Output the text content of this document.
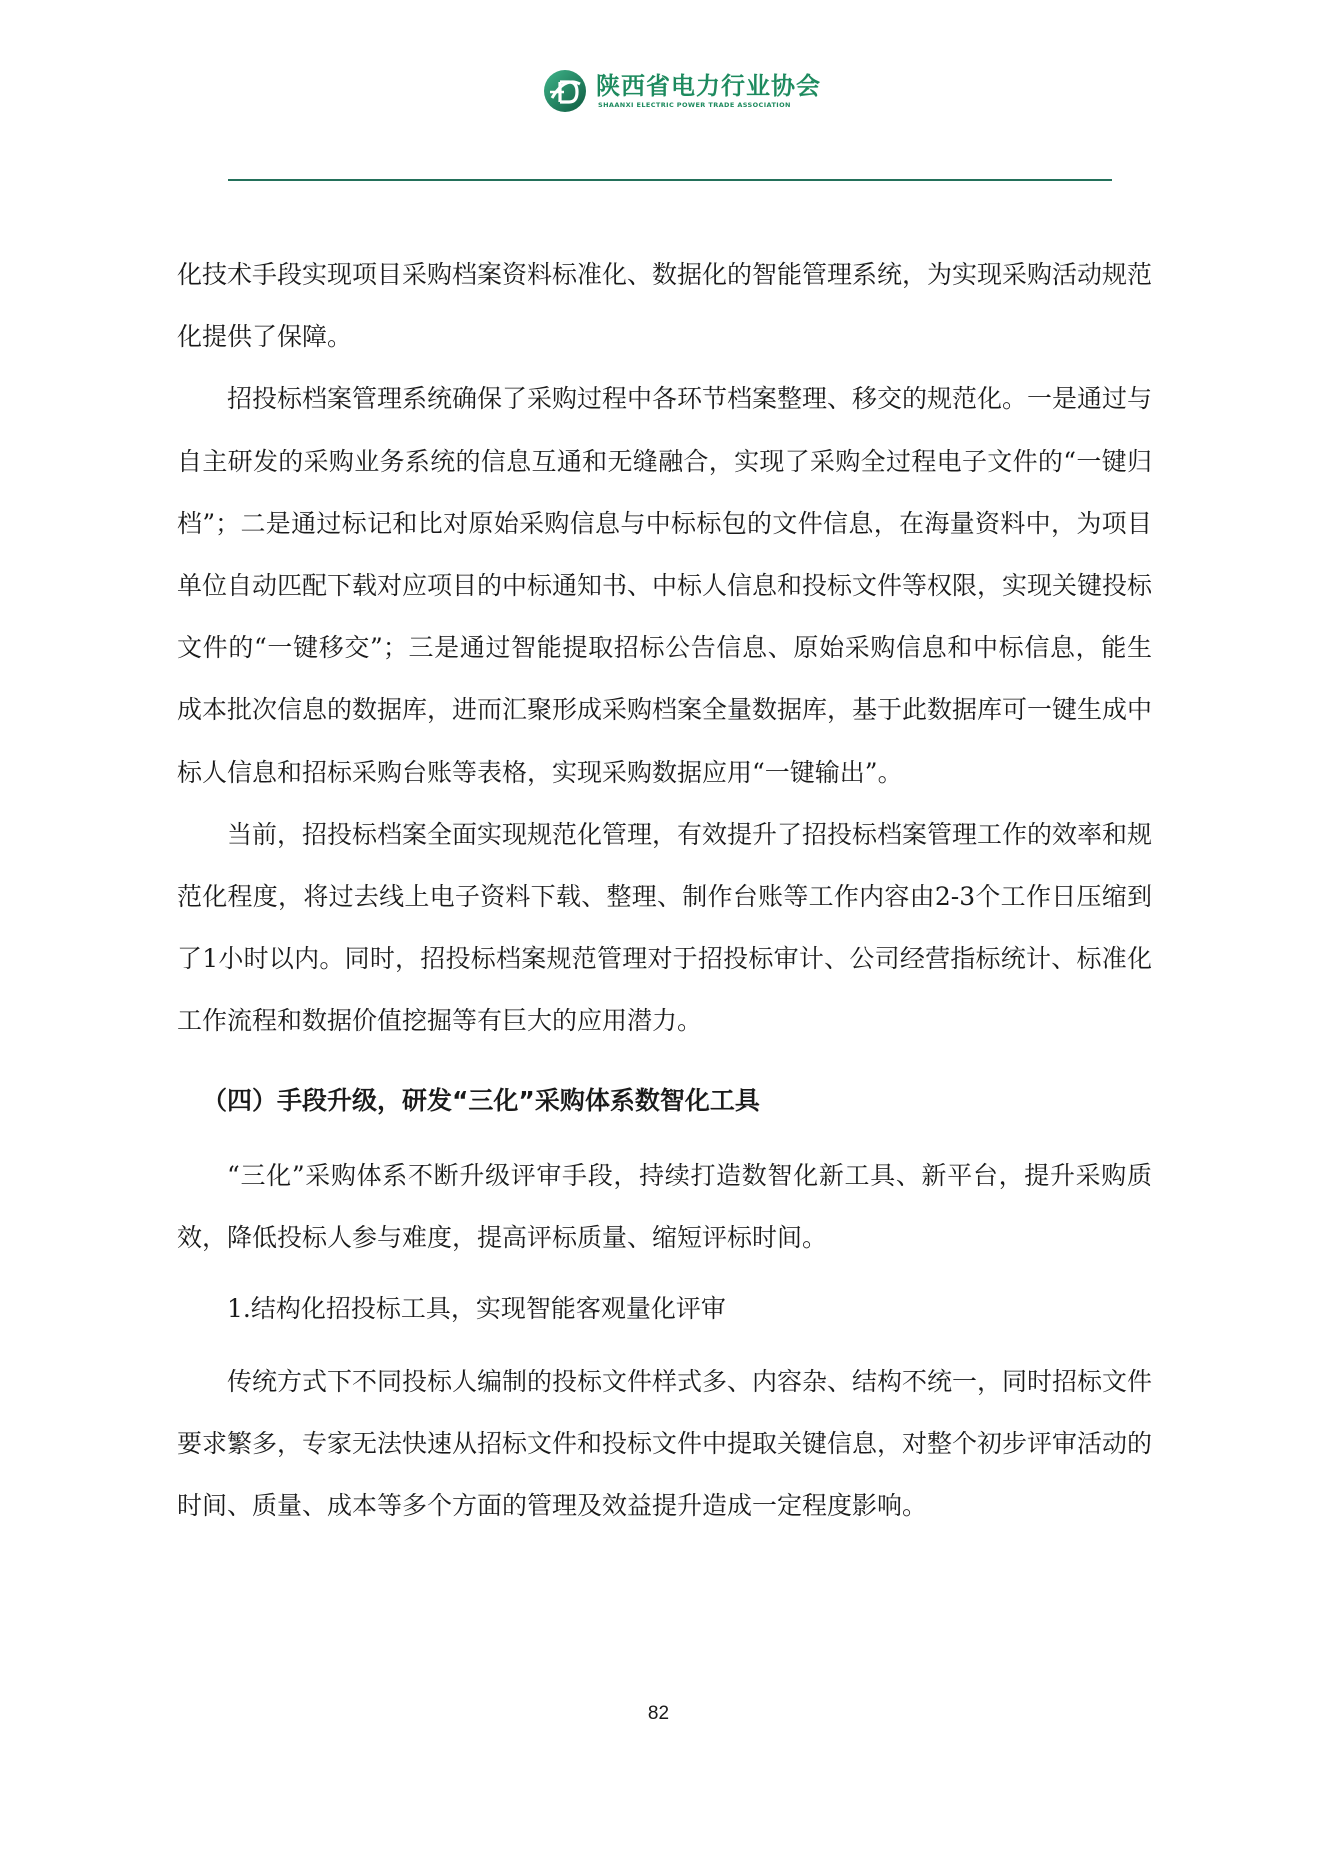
陕西省电力行业协会
SHAANXI ELECTRIC POWER TRADE ASSOCIATION

化技术手段实现项目采购档案资料标准化、数据化的智能管理系统，为实现采购活动规范化提供了保障。

招投标档案管理系统确保了采购过程中各环节档案整理、移交的规范化。一是通过与自主研发的采购业务系统的信息互通和无缝融合，实现了采购全过程电子文件的“一键归档”；二是通过标记和比对原始采购信息与中标标包的文件信息，在海量资料中，为项目单位自动匹配下载对应项目的中标通知书、中标人信息和投标文件等权限，实现关键投标文件的“一键移交”；三是通过智能提取招标公告信息、原始采购信息和中标信息，能生成本批次信息的数据库，进而汇聚形成采购档案全量数据库，基于此数据库可一键生成中标人信息和招标采购台账等表格，实现采购数据应用“一键输出”。

当前，招投标档案全面实现规范化管理，有效提升了招投标档案管理工作的效率和规范化程度，将过去线上电子资料下载、整理、制作台账等工作内容由2-3个工作日压缩到了1小时以内。同时，招投标档案规范管理对于招投标审计、公司经营指标统计、标准化工作流程和数据价值挖掘等有巨大的应用潜力。

（四）手段升级，研发“三化”采购体系数智化工具

“三化”采购体系不断升级评审手段，持续打造数智化新工具、新平台，提升采购质效，降低投标人参与难度，提高评标质量、缩短评标时间。

1.结构化招投标工具，实现智能客观量化评审

传统方式下不同投标人编制的投标文件样式多、内容杂、结构不统一，同时招标文件要求繁多，专家无法快速从招标文件和投标文件中提取关键信息，对整个初步评审活动的时间、质量、成本等多个方面的管理及效益提升造成一定程度影响。

82
